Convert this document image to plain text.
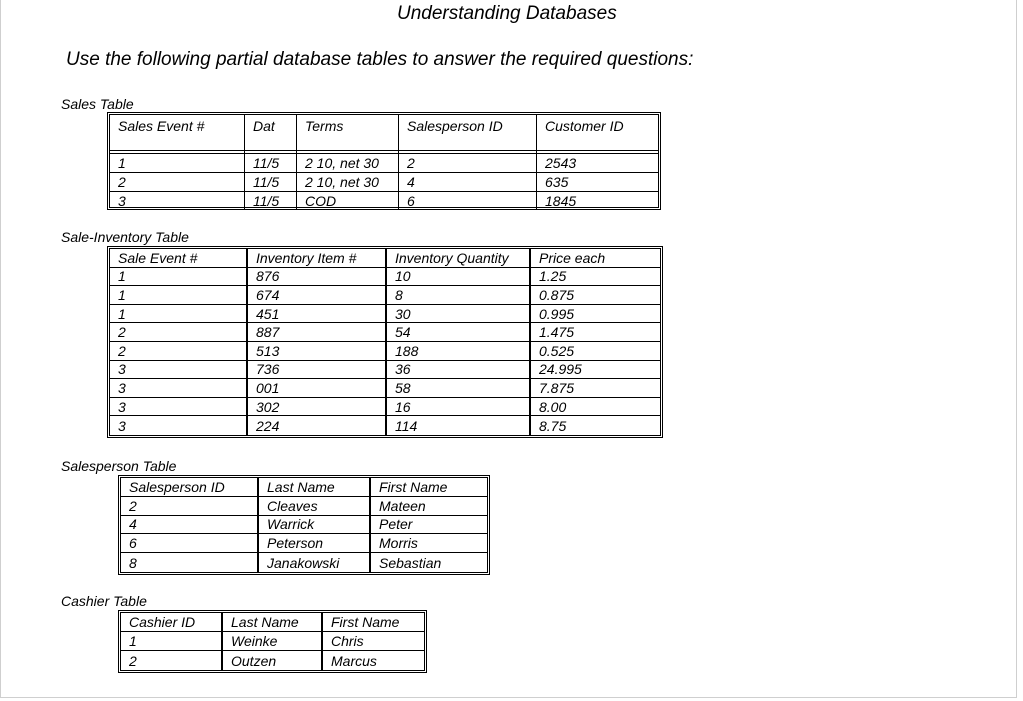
Understanding Databases
Use the following partial database tables to answer the required questions:
Sales Table
Sales Event #	Dat	Terms	Salesperson ID	Customer ID
1	11/5	2 10, net 30	2	2543
2	11/5	2 10, net 30	4	635
3	11/5	COD	6	1845
Sale-Inventory Table
Sale Event #	Inventory Item #	Inventory Quantity	Price each
1	876	10	1.25
1	674	8	0.875
1	451	30	0.995
2	887	54	1.475
2	513	188	0.525
3	736	36	24.995
3	001	58	7.875
3	302	16	8.00
3	224	114	8.75
Salesperson Table
Salesperson ID	Last Name	First Name
2	Cleaves	Mateen
4	Warrick	Peter
6	Peterson	Morris
8	Janakowski	Sebastian
Cashier Table
Cashier ID	Last Name	First Name
1	Weinke	Chris
2	Outzen	Marcus
